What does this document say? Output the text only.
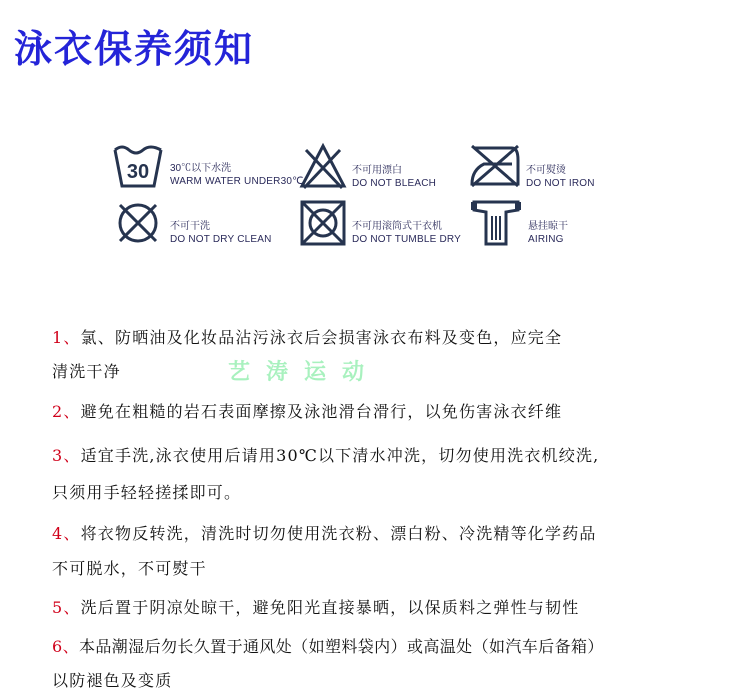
泳衣保养须知
30 30℃以下水洗
WARM WATER UNDER30℃
不可用漂白
DO NOT BLEACH
不可熨烫
DO NOT IRON
不可干洗
DO NOT DRY CLEAN
不可用滚筒式干衣机
DO NOT TUMBLE DRY
悬挂晾干
AIRING
艺涛运动
1、氯、防晒油及化妆品沾污泳衣后会损害泳衣布料及变色，应完全
清洗干净
2、避免在粗糙的岩石表面摩擦及泳池滑台滑行，以免伤害泳衣纤维
3、适宜手洗,泳衣使用后请用30℃以下清水冲洗，切勿使用洗衣机绞洗,
只须用手轻轻搓揉即可。
4、将衣物反转洗，清洗时切勿使用洗衣粉、漂白粉、冷洗精等化学药品
不可脱水，不可熨干
5、洗后置于阴凉处晾干，避免阳光直接暴晒，以保质料之弹性与韧性
6、本品潮湿后勿长久置于通风处（如塑料袋内）或高温处（如汽车后备箱）
以防褪色及变质
